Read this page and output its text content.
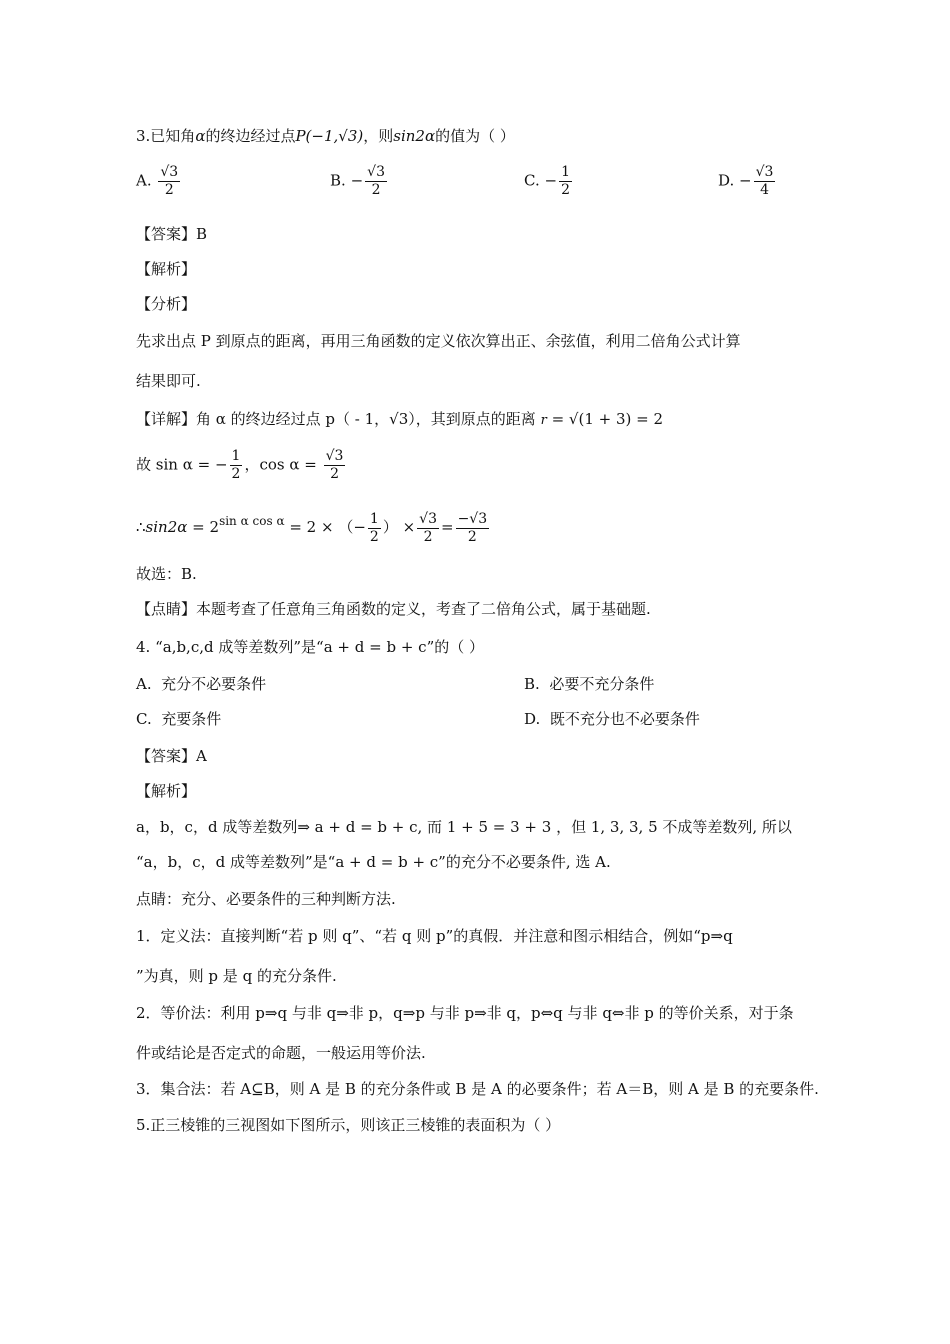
3.已知角α的终边经过点P(−1,√3)，则sin2α的值为（ ）
A. $\frac{√3}{2}$	B. − $\frac{√3}{2}$	C. − $\frac{1}{2}$	D. − $\frac{√3}{4}$
【答案】B
【解析】
【分析】
先求出点 P 到原点的距离，再用三角函数的定义依次算出正、余弦值，利用二倍角公式计算
结果即可.
【详解】角 α 的终边经过点 p（ - 1，√3），其到原点的距离 r = √(1 + 3) = 2
故 sin α = − $\frac{1}{2}$ ，$\cos \alpha = \frac{√3}{2}$
∴sin2α = $2^{sin \alpha cos \alpha} = 2$ × （− $\frac{1}{2}$ ） × $\frac{√3}{2} = \frac{-√3}{2}$
故选：B.
【点睛】本题考查了任意角三角函数的定义，考查了二倍角公式，属于基础题.
4. “a,b,c,d 成等差数列”是“a + d = b + c”的（ ）
A. 充分不必要条件	B. 必要不充分条件
C. 充要条件	D. 既不充分也不必要条件
【答案】A
【解析】
a，b，c，d 成等差数列⇒ a + d = b + c, 而 1 + 5 = 3 + 3 ，但 1, 3, 3, 5 不成等差数列, 所以
“a，b，c，d 成等差数列”是“a + d = b + c”的充分不必要条件, 选 A.
点睛：充分、必要条件的三种判断方法.
1．定义法：直接判断“若 p 则 q”、“若 q 则 p”的真假．并注意和图示相结合，例如“p⇒q
”为真，则 p 是 q 的充分条件.
2．等价法：利用 p⇒q 与非 q⇒非 p，q⇒p 与非 p⇒非 q，p⇔q 与非 q⇔非 p 的等价关系，对于条
件或结论是否定式的命题，一般运用等价法.
3．集合法：若 A⊆B，则 A 是 B 的充分条件或 B 是 A 的必要条件；若 A＝B，则 A 是 B 的充要条件.
5.正三棱锥的三视图如下图所示，则该正三棱锥的表面积为（ ）
